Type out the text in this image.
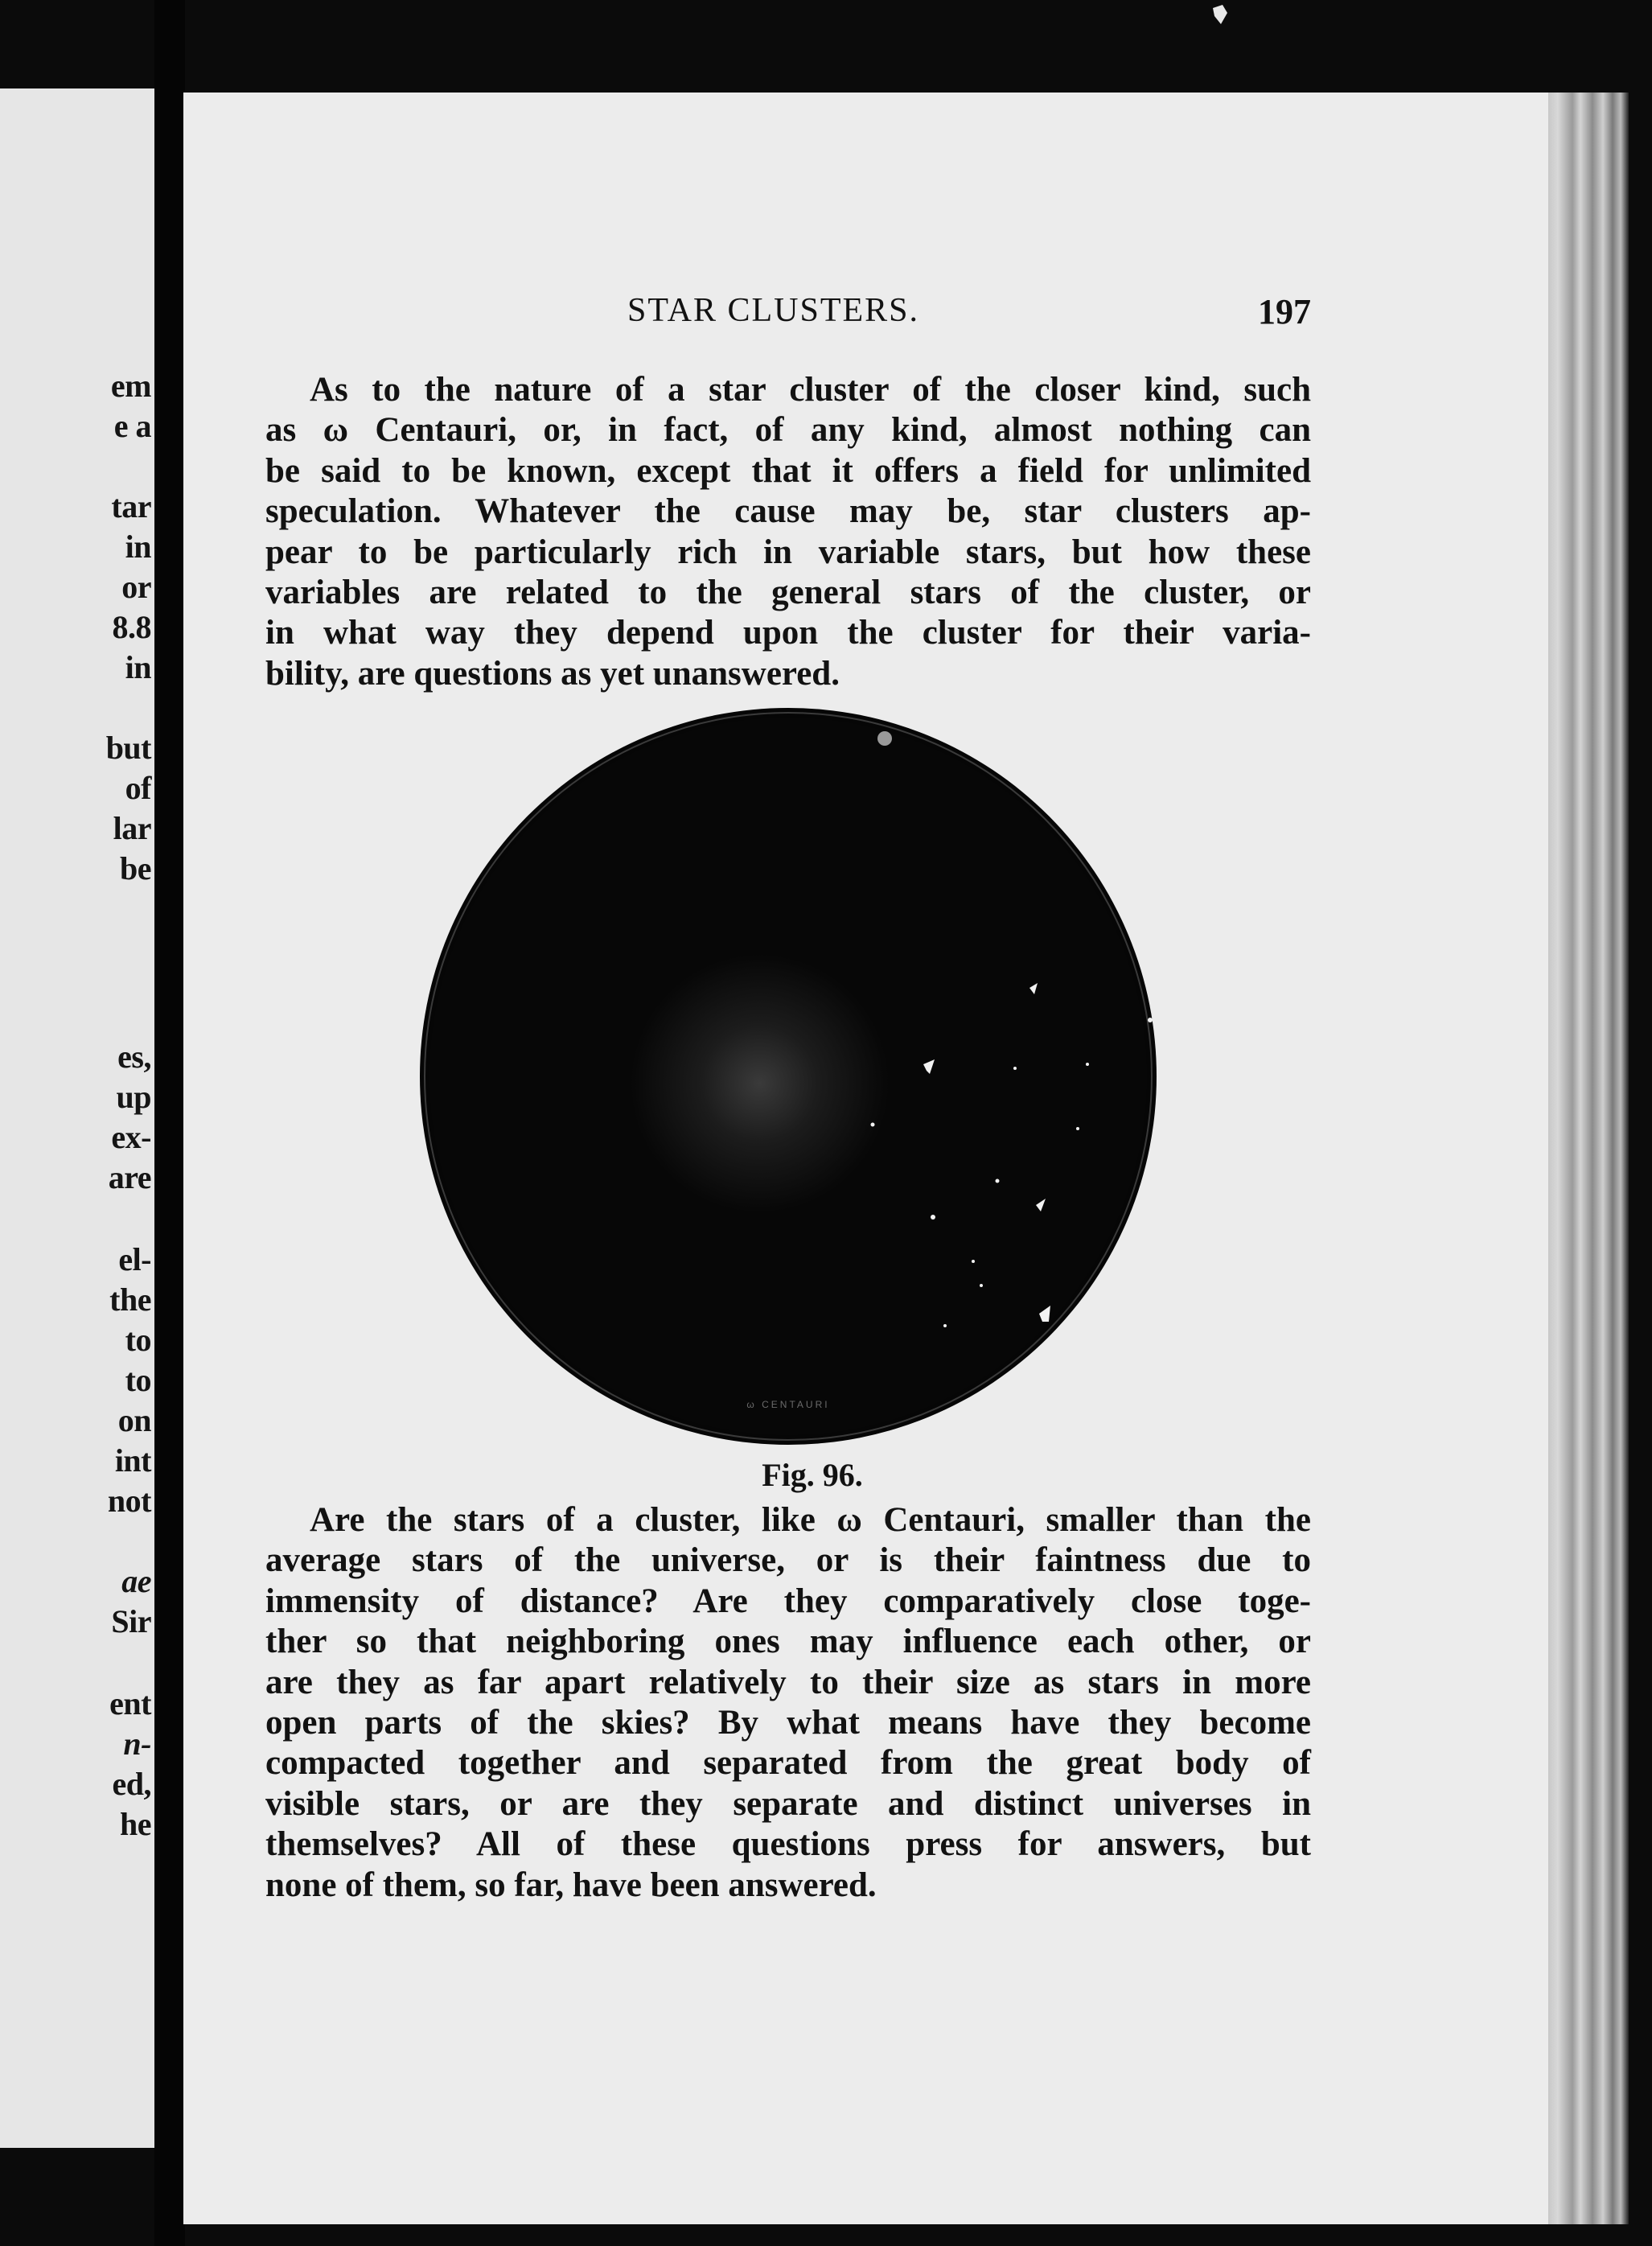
em
e a
tar
in
or
8.8
in
but
of
lar
be
es,
up
ex-
are
el-
the
to
to
on
int
not
ae
Sir
ent
n-
ed,
he
STAR CLUSTERS.	197

As to the nature of a star cluster of the closer kind, such
as ω Centauri, or, in fact, of any kind, almost nothing can
be said to be known, except that it offers a field for unlimited
speculation. Whatever the cause may be, star clusters ap-
pear to be particularly rich in variable stars, but how these
variables are related to the general stars of the cluster, or
in what way they depend upon the cluster for their varia-
bility, are questions as yet unanswered.

ω CENTAURI
Fig. 96.

Are the stars of a cluster, like ω Centauri, smaller than the
average stars of the universe, or is their faintness due to
immensity of distance? Are they comparatively close toge-
ther so that neighboring ones may influence each other, or
are they as far apart relatively to their size as stars in more
open parts of the skies? By what means have they become
compacted together and separated from the great body of
visible stars, or are they separate and distinct universes in
themselves? All of these questions press for answers, but
none of them, so far, have been answered.
